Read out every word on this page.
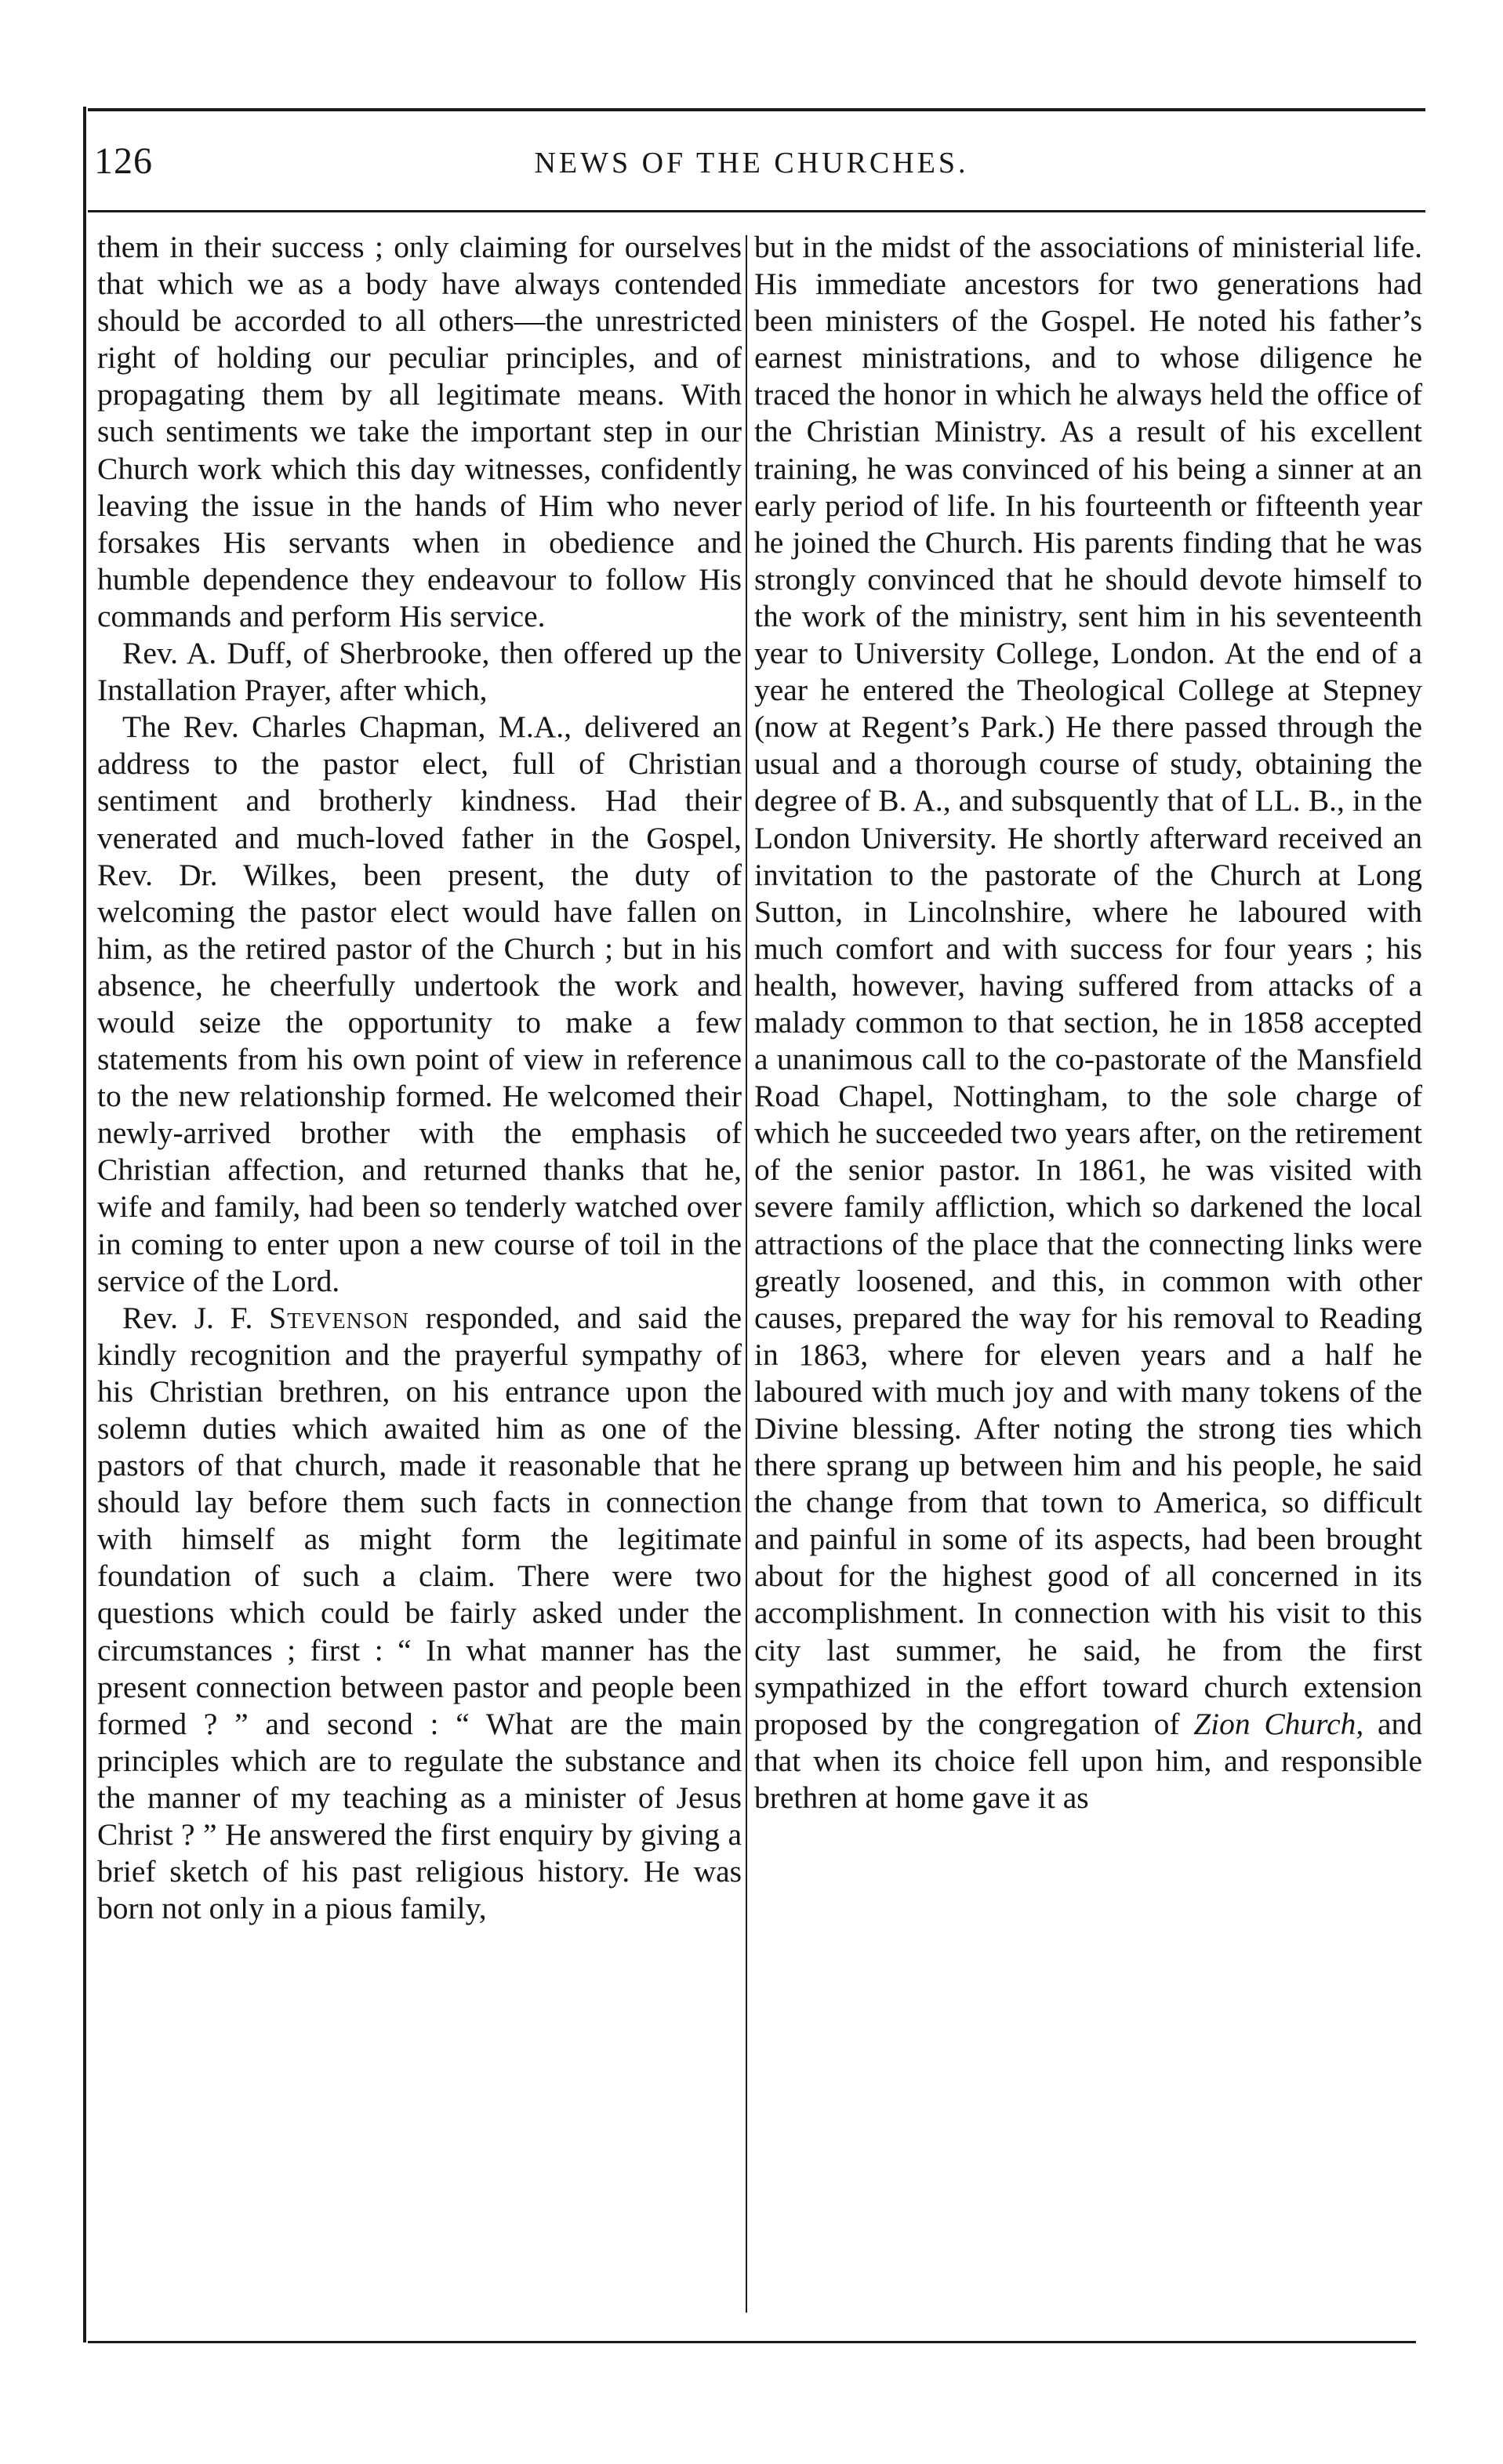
126	NEWS OF THE CHURCHES.

them in their success ; only claiming for ourselves that which we as a body have always contended should be accorded to all others—the unrestricted right of holding our peculiar principles, and of propagating them by all legitimate means. With such sentiments we take the important step in our Church work which this day witnesses, confidently leaving the issue in the hands of Him who never forsakes His servants when in obedience and humble dependence they endeavour to follow His commands and perform His service.

Rev. A. Duff, of Sherbrooke, then offered up the Installation Prayer, after which,

The Rev. Charles Chapman, M.A., delivered an address to the pastor elect, full of Christian sentiment and brotherly kindness. Had their venerated and much-loved father in the Gospel, Rev. Dr. Wilkes, been present, the duty of welcoming the pastor elect would have fallen on him, as the retired pastor of the Church ; but in his absence, he cheerfully undertook the work and would seize the opportunity to make a few statements from his own point of view in reference to the new relationship formed. He welcomed their newly-arrived brother with the emphasis of Christian affection, and returned thanks that he, wife and family, had been so tenderly watched over in coming to enter upon a new course of toil in the service of the Lord.

Rev. J. F. Stevenson responded, and said the kindly recognition and the prayerful sympathy of his Christian brethren, on his entrance upon the solemn duties which awaited him as one of the pastors of that church, made it reasonable that he should lay before them such facts in connection with himself as might form the legitimate foundation of such a claim. There were two questions which could be fairly asked under the circumstances ; first : “ In what manner has the present connection between pastor and people been formed ? ” and second : “ What are the main principles which are to regulate the substance and the manner of my teaching as a minister of Jesus Christ ? ” He answered the first enquiry by giving a brief sketch of his past religious history. He was born not only in a pious family,

but in the midst of the associations of ministerial life. His immediate ancestors for two generations had been ministers of the Gospel. He noted his father’s earnest ministrations, and to whose diligence he traced the honor in which he always held the office of the Christian Ministry. As a result of his excellent training, he was convinced of his being a sinner at an early period of life. In his fourteenth or fifteenth year he joined the Church. His parents finding that he was strongly convinced that he should devote himself to the work of the ministry, sent him in his seventeenth year to University College, London. At the end of a year he entered the Theological College at Stepney (now at Regent’s Park.) He there passed through the usual and a thorough course of study, obtaining the degree of B. A., and subsquently that of LL. B., in the London University. He shortly afterward received an invitation to the pastorate of the Church at Long Sutton, in Lincolnshire, where he laboured with much comfort and with success for four years ; his health, however, having suffered from attacks of a malady common to that section, he in 1858 accepted a unanimous call to the co-pastorate of the Mansfield Road Chapel, Nottingham, to the sole charge of which he succeeded two years after, on the retirement of the senior pastor. In 1861, he was visited with severe family affliction, which so darkened the local attractions of the place that the connecting links were greatly loosened, and this, in common with other causes, prepared the way for his removal to Reading in 1863, where for eleven years and a half he laboured with much joy and with many tokens of the Divine blessing. After noting the strong ties which there sprang up between him and his people, he said the change from that town to America, so difficult and painful in some of its aspects, had been brought about for the highest good of all concerned in its accomplishment. In connection with his visit to this city last summer, he said, he from the first sympathized in the effort toward church extension proposed by the congregation of Zion Church, and that when its choice fell upon him, and responsible brethren at home gave it as
